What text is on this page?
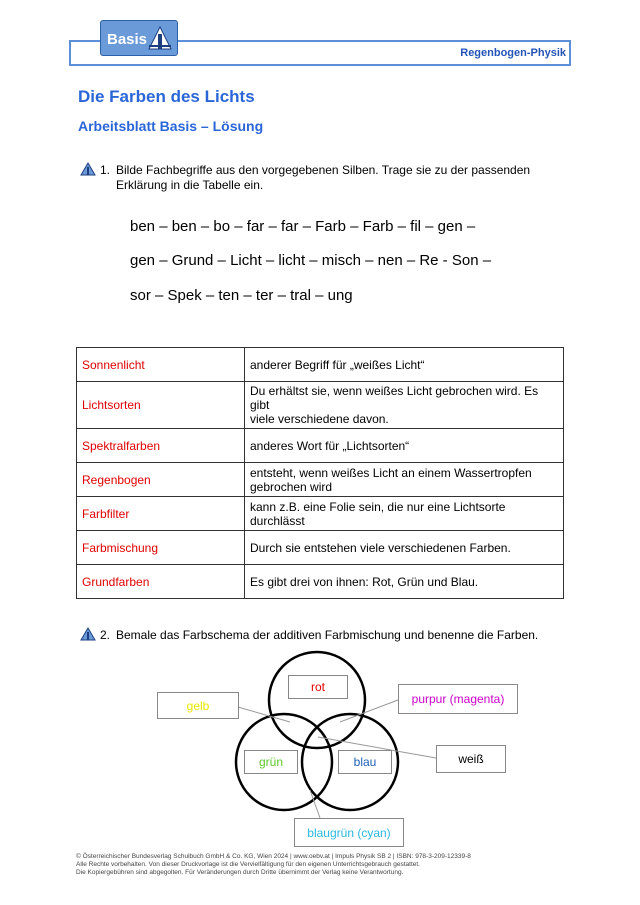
Basis
Regenbogen-Physik
Die Farben des Lichts
Arbeitsblatt Basis – Lösung
1. Bilde Fachbegriffe aus den vorgegebenen Silben. Trage sie zu der passenden
Erklärung in die Tabelle ein.
ben – ben – bo – far – far – Farb – Farb – fil – gen –
gen – Grund – Licht – licht – misch – nen – Re - Son –
sor – Spek – ten – ter – tral – ung
Sonnenlicht	anderer Begriff für „weißes Licht“
Lichtsorten	Du erhältst sie, wenn weißes Licht gebrochen wird. Es gibt
viele verschiedene davon.
Spektralfarben	anderes Wort für „Lichtsorten“
Regenbogen	entsteht, wenn weißes Licht an einem Wassertropfen
gebrochen wird
Farbfilter	kann z.B. eine Folie sein, die nur eine Lichtsorte
durchlässt
Farbmischung	Durch sie entstehen viele verschiedenen Farben.
Grundfarben	Es gibt drei von ihnen: Rot, Grün und Blau.
2. Bemale das Farbschema der additiven Farbmischung und benenne die Farben.
rot
grün	blau
gelb	purpur (magenta)
weiß
blaugrün (cyan)
© Österreichischer Bundesverlag Schulbuch GmbH & Co. KG, Wien 2024 | www.oebv.at | Impuls Physik SB 2 | ISBN: 978-3-209-12339-8
Alle Rechte vorbehalten. Von dieser Druckvorlage ist die Vervielfältigung für den eigenen Unterrichtsgebrauch gestattet.
Die Kopiergebühren sind abgegolten. Für Veränderungen durch Dritte übernimmt der Verlag keine Verantwortung.
